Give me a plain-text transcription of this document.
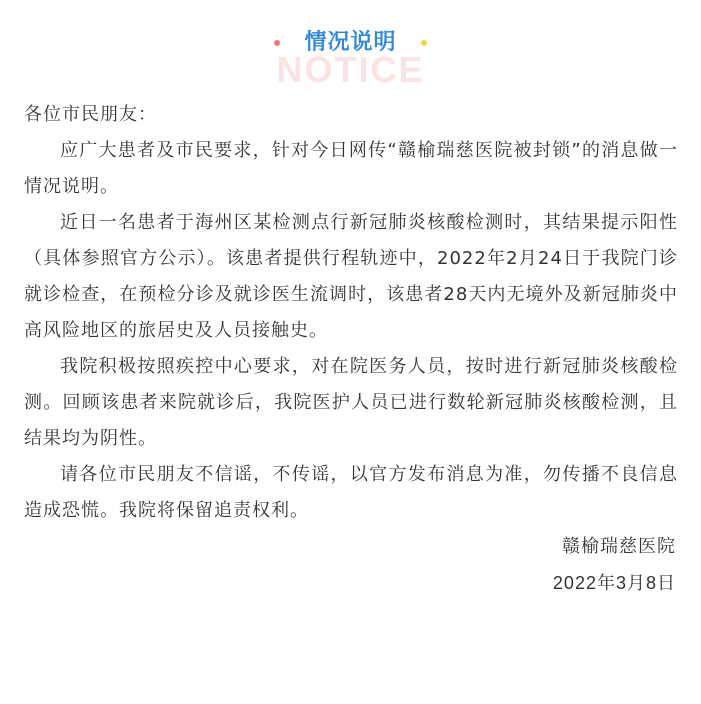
NOTICE
情况说明

各位市民朋友：

应广大患者及市民要求，针对今日网传“赣榆瑞慈医院被封锁”的消息做一情况说明。

近日一名患者于海州区某检测点行新冠肺炎核酸检测时，其结果提示阳性（具体参照官方公示）。该患者提供行程轨迹中，2022年2月24日于我院门诊就诊检查，在预检分诊及就诊医生流调时，该患者28天内无境外及新冠肺炎中高风险地区的旅居史及人员接触史。

我院积极按照疾控中心要求，对在院医务人员，按时进行新冠肺炎核酸检测。回顾该患者来院就诊后，我院医护人员已进行数轮新冠肺炎核酸检测，且结果均为阴性。

请各位市民朋友不信谣，不传谣，以官方发布消息为准，勿传播不良信息造成恐慌。我院将保留追责权利。

赣榆瑞慈医院

2022年3月8日
